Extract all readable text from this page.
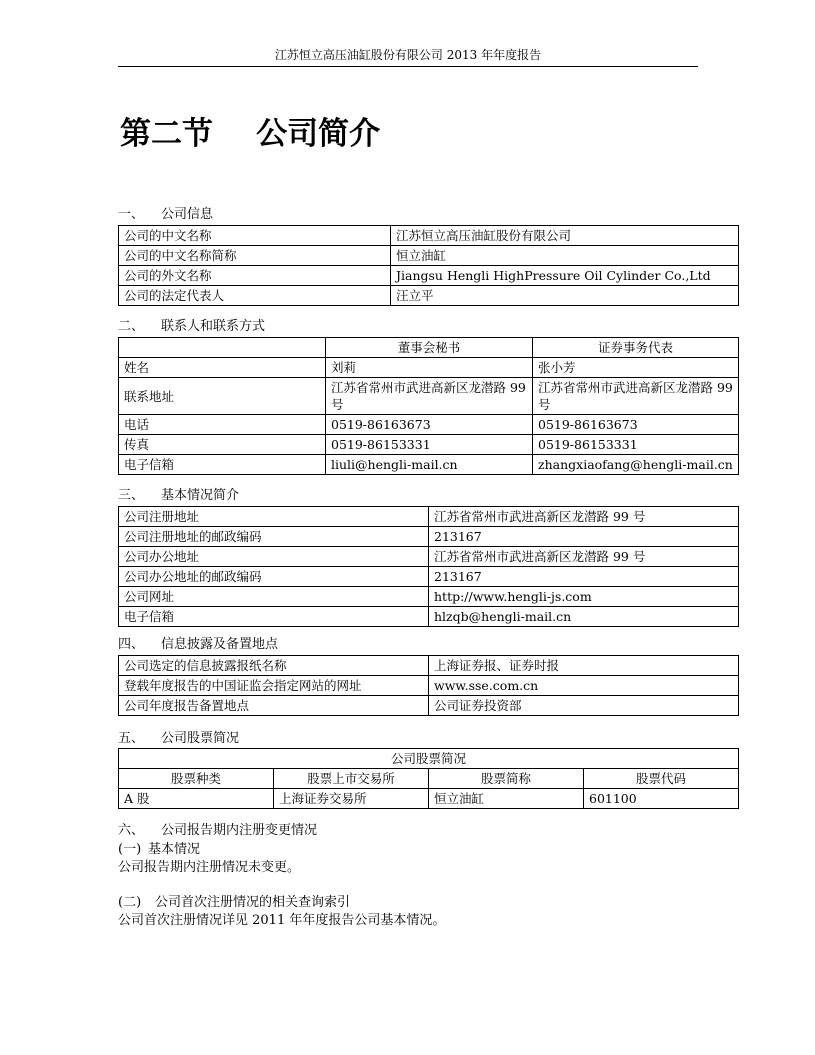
江苏恒立高压油缸股份有限公司 2013 年年度报告
第二节 公司简介
一、 公司信息
公司的中文名称	江苏恒立高压油缸股份有限公司
公司的中文名称简称	恒立油缸
公司的外文名称	Jiangsu Hengli HighPressure Oil Cylinder Co.,Ltd
公司的法定代表人	汪立平
二、 联系人和联系方式
	董事会秘书	证券事务代表
姓名	刘莉	张小芳
联系地址	江苏省常州市武进高新区龙潜路 99 号	江苏省常州市武进高新区龙潜路 99 号
电话	0519-86163673	0519-86163673
传真	0519-86153331	0519-86153331
电子信箱	liuli@hengli-mail.cn	zhangxiaofang@hengli-mail.cn
三、 基本情况简介
公司注册地址	江苏省常州市武进高新区龙潜路 99 号
公司注册地址的邮政编码	213167
公司办公地址	江苏省常州市武进高新区龙潜路 99 号
公司办公地址的邮政编码	213167
公司网址	http://www.hengli-js.com
电子信箱	hlzqb@hengli-mail.cn
四、 信息披露及备置地点
公司选定的信息披露报纸名称	上海证券报、证券时报
登载年度报告的中国证监会指定网站的网址	www.sse.com.cn
公司年度报告备置地点	公司证券投资部
五、 公司股票简况
公司股票简况			
股票种类	股票上市交易所	股票简称	股票代码
A 股	上海证券交易所	恒立油缸	601100
六、 公司报告期内注册变更情况
(一) 基本情况
公司报告期内注册情况未变更。
(二) 公司首次注册情况的相关查询索引
公司首次注册情况详见 2011 年年度报告公司基本情况。
